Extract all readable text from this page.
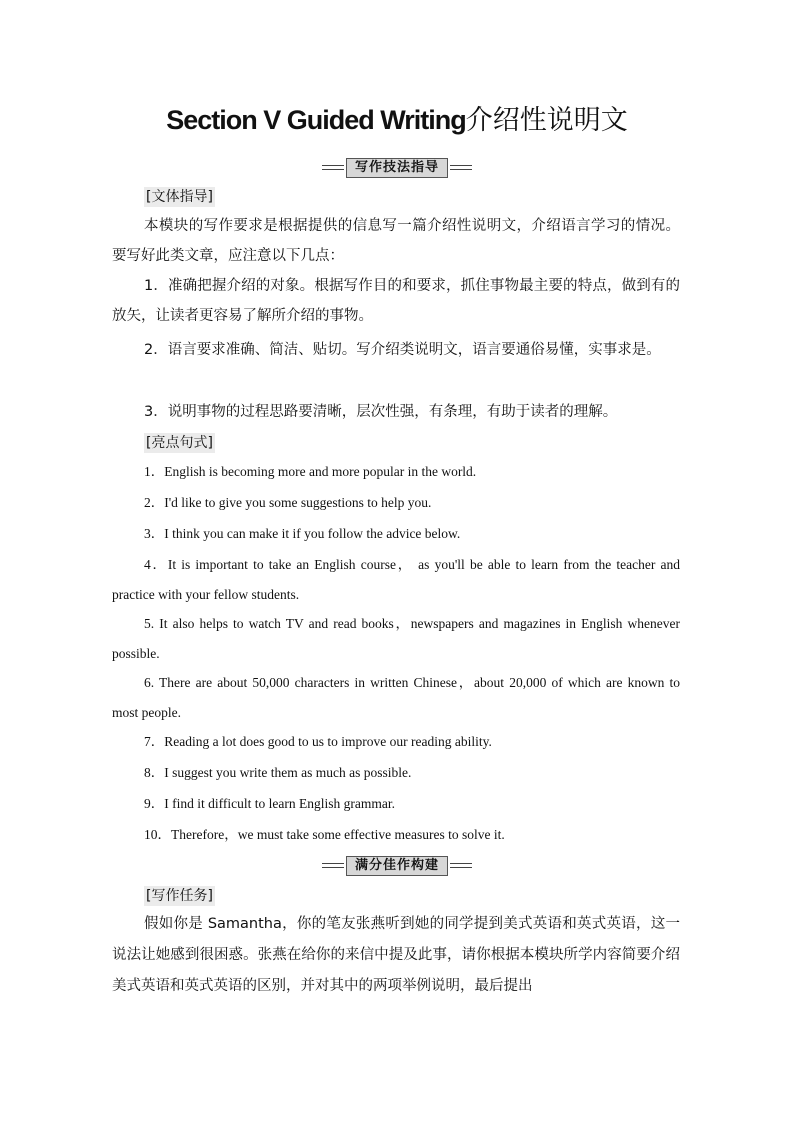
Section V Guided Writing介绍性说明文
写作技法指导
[文体指导]
本模块的写作要求是根据提供的信息写一篇介绍性说明文，介绍语言学习的情况。要写好此类文章，应注意以下几点：
1．准确把握介绍的对象。根据写作目的和要求，抓住事物最主要的特点，做到有的放矢，让读者更容易了解所介绍的事物。
2．语言要求准确、简洁、贴切。写介绍类说明文，语言要通俗易懂，实事求是。
3．说明事物的过程思路要清晰，层次性强，有条理，有助于读者的理解。
[亮点句式]
1．English is becoming more and more popular in the world.
2．I'd like to give you some suggestions to help you.
3．I think you can make it if you follow the advice below.
4．It is important to take an English course， as you'll be able to learn from the teacher and practice with your fellow students.
5. It also helps to watch TV and read books，newspapers and magazines in English whenever possible.
6. There are about 50,000 characters in written Chinese，about 20,000 of which are known to most people.
7．Reading a lot does good to us to improve our reading ability.
8．I suggest you write them as much as possible.
9．I find it difficult to learn English grammar.
10．Therefore，we must take some effective measures to solve it.
满分佳作构建
[写作任务]
假如你是 Samantha，你的笔友张燕听到她的同学提到美式英语和英式英语，这一说法让她感到很困惑。张燕在给你的来信中提及此事，请你根据本模块所学内容简要介绍美式英语和英式英语的区别，并对其中的两项举例说明，最后提出
